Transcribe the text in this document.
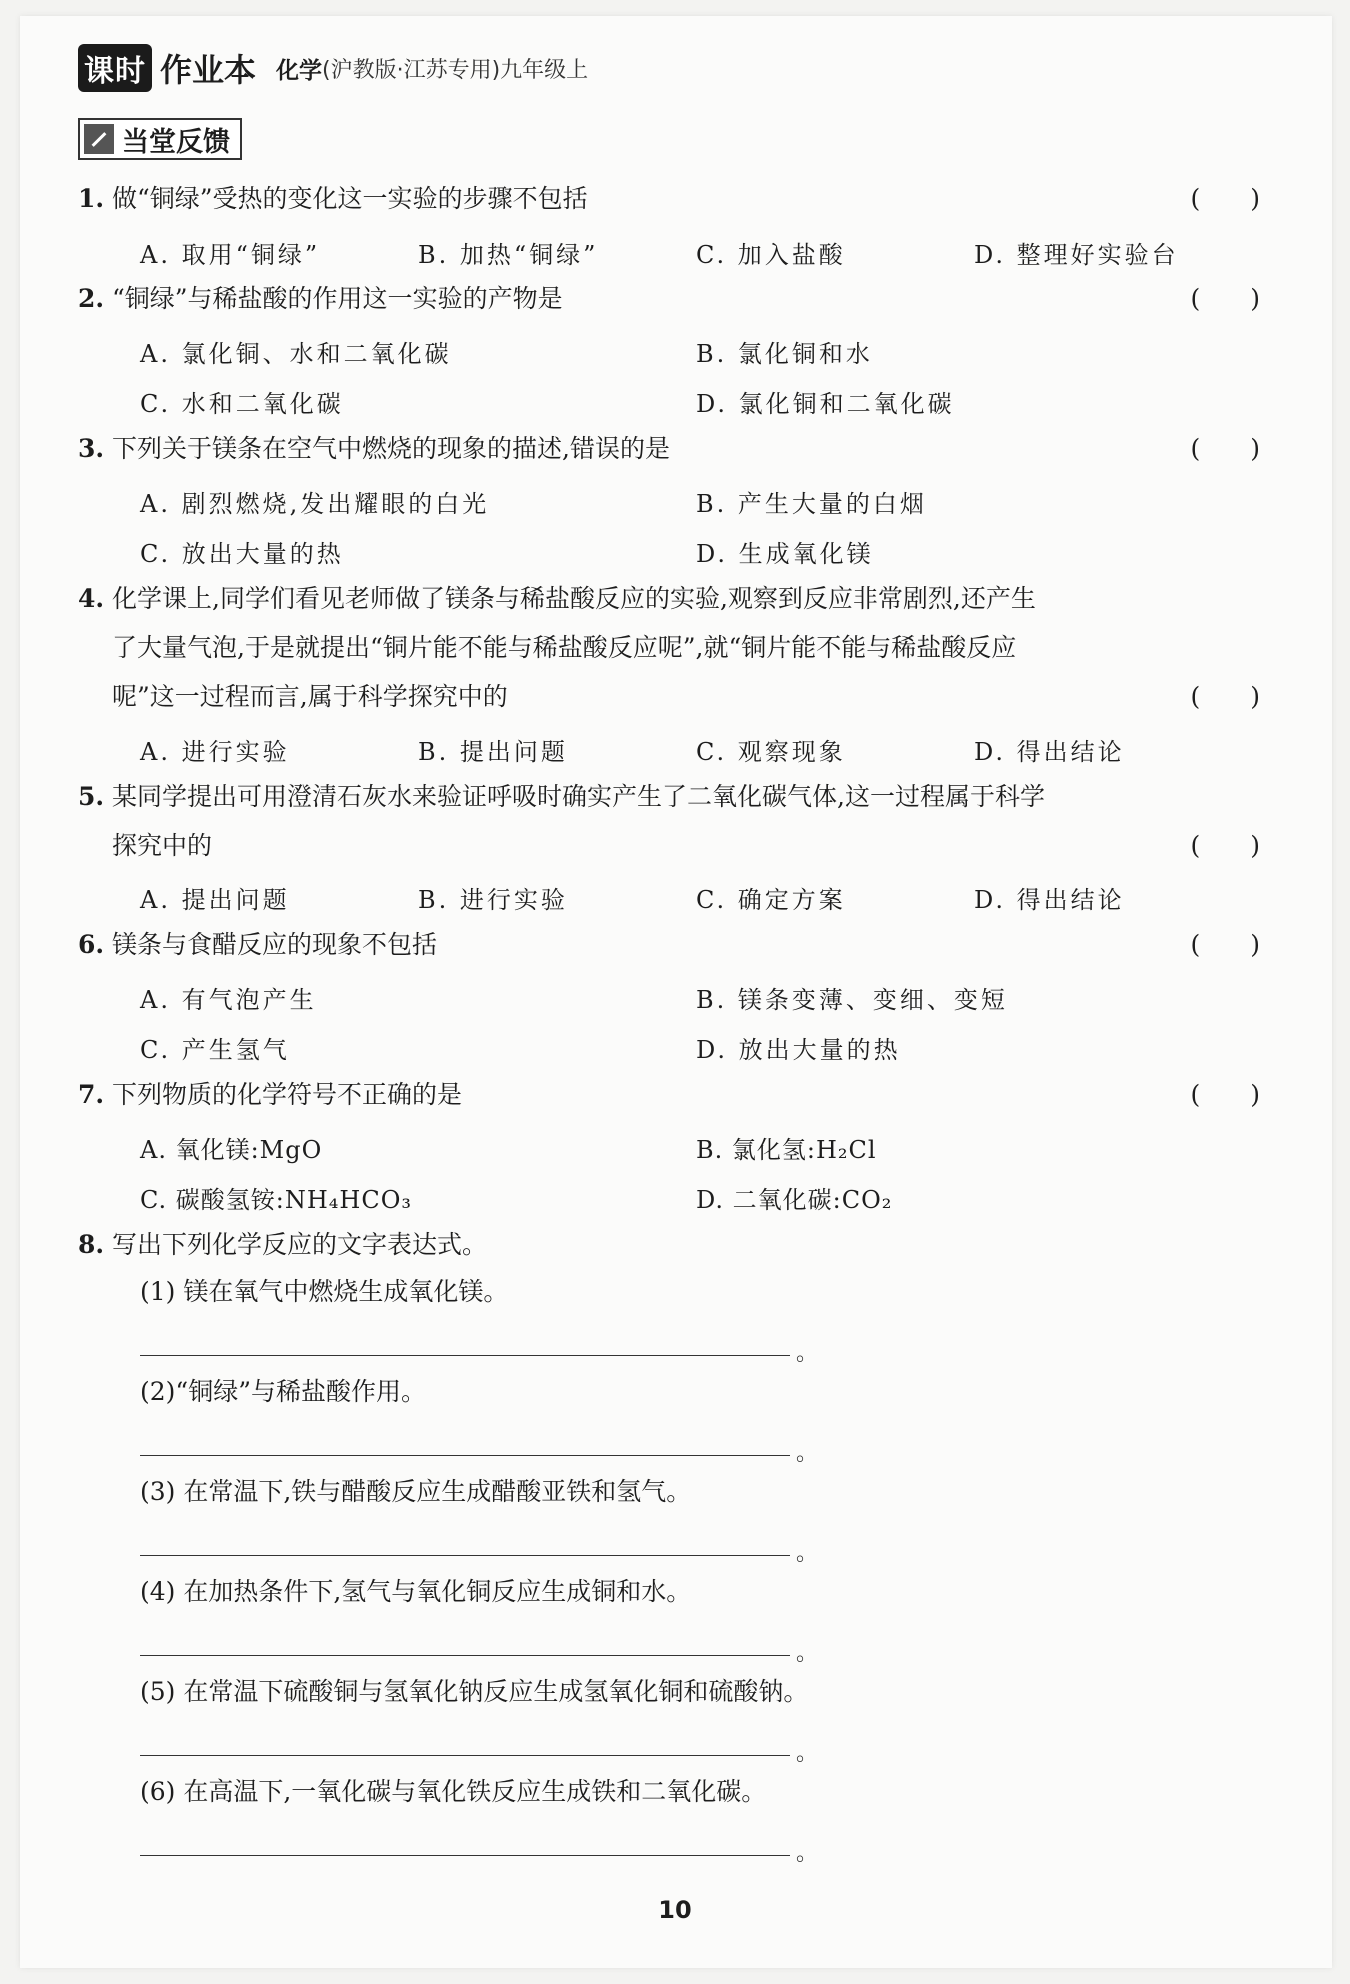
课时 作业本 化学 (沪教版·江苏专用)九年级上
当堂反馈
1. 做“铜绿”受热的变化这一实验的步骤不包括	(　　)
A. 取用“铜绿”	B. 加热“铜绿”	C. 加入盐酸	D. 整理好实验台
2. “铜绿”与稀盐酸的作用这一实验的产物是	(　　)
A. 氯化铜、水和二氧化碳	B. 氯化铜和水
C. 水和二氧化碳	D. 氯化铜和二氧化碳
3. 下列关于镁条在空气中燃烧的现象的描述,错误的是	(　　)
A. 剧烈燃烧,发出耀眼的白光	B. 产生大量的白烟
C. 放出大量的热	D. 生成氧化镁
4. 化学课上,同学们看见老师做了镁条与稀盐酸反应的实验,观察到反应非常剧烈,还产生
了大量气泡,于是就提出“铜片能不能与稀盐酸反应呢”,就“铜片能不能与稀盐酸反应
呢”这一过程而言,属于科学探究中的	(　　)
A. 进行实验	B. 提出问题	C. 观察现象	D. 得出结论
5. 某同学提出可用澄清石灰水来验证呼吸时确实产生了二氧化碳气体,这一过程属于科学
探究中的	(　　)
A. 提出问题	B. 进行实验	C. 确定方案	D. 得出结论
6. 镁条与食醋反应的现象不包括	(　　)
A. 有气泡产生	B. 镁条变薄、变细、变短
C. 产生氢气	D. 放出大量的热
7. 下列物质的化学符号不正确的是	(　　)
A. 氧化镁:MgO	B. 氯化氢:H₂Cl
C. 碳酸氢铵:NH₄HCO₃	D. 二氧化碳:CO₂
8. 写出下列化学反应的文字表达式。
(1) 镁在氧气中燃烧生成氧化镁。
。
(2)“铜绿”与稀盐酸作用。
。
(3) 在常温下,铁与醋酸反应生成醋酸亚铁和氢气。
。
(4) 在加热条件下,氢气与氧化铜反应生成铜和水。
。
(5) 在常温下硫酸铜与氢氧化钠反应生成氢氧化铜和硫酸钠。
。
(6) 在高温下,一氧化碳与氧化铁反应生成铁和二氧化碳。
。
10
